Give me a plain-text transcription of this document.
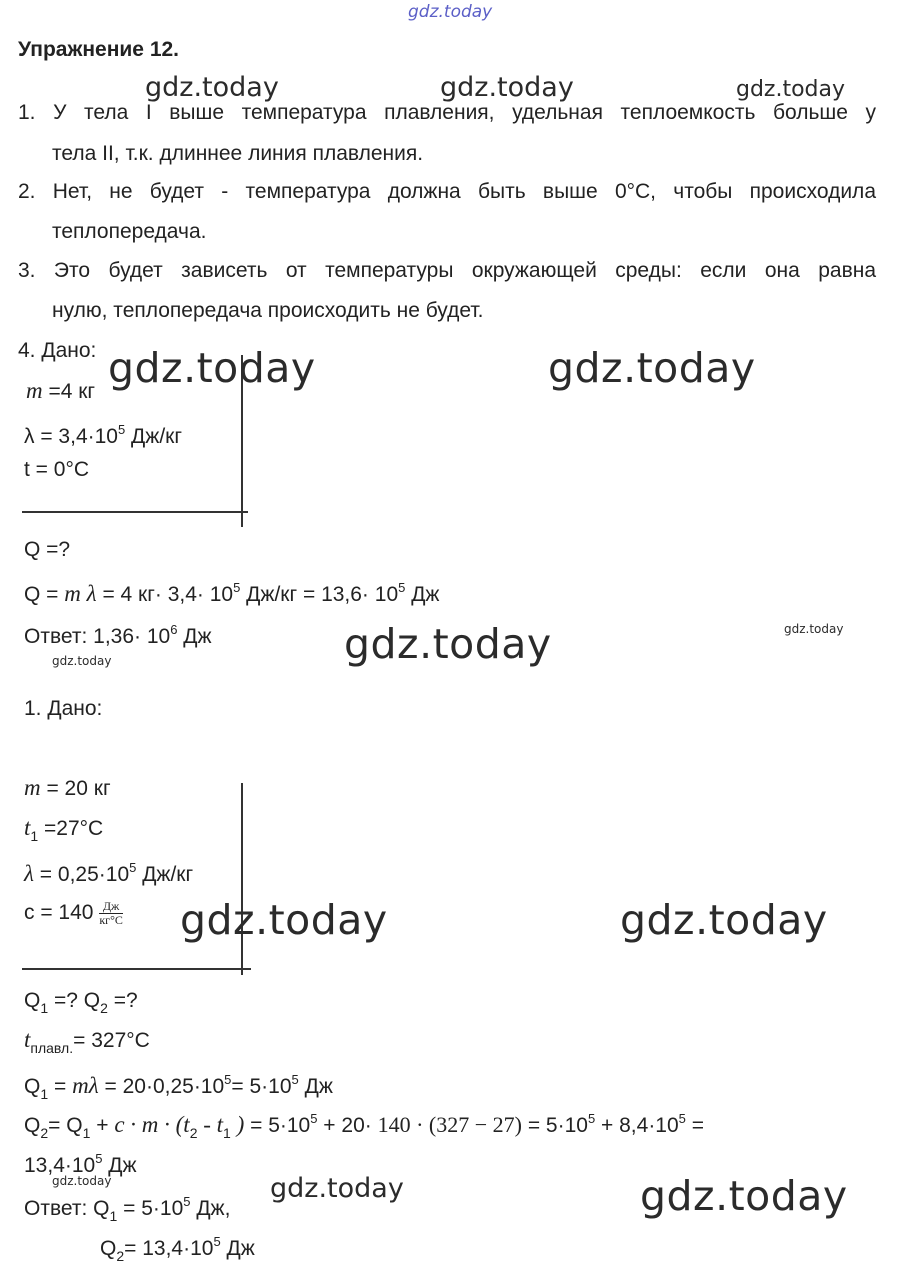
gdz.today
Упражнение 12.
gdz.today	gdz.today	gdz.today
1. У тела I выше температура плавления, удельная теплоемкость больше у
тела II, т.к. длиннее линия плавления.
2. Нет, не будет - температура должна быть выше 0°С, чтобы происходила
теплопередача.
3. Это будет зависеть от температуры окружающей среды: если она равна
нулю, теплопередача происходить не будет.
4. Дано:
m =4 кг
$\lambda = 3,4\cdot 10^5$ Дж/кг
t = 0°С
gdz.today	gdz.today
Q =?
Q = m λ = 4 $кг\cdot 3,4\cdot 10^5$ $Дж/кг = 13,6\cdot 10^5$ Дж
Ответ: $1,36\cdot 10^6$ Дж	gdz.today	gdz.today
gdz.today
1. Дано:
m = 20 кг
$t_1 =27^\circ С$
$\lambda = 0,25\cdot 10^5$ Дж/кг
$c = 140 \frac{Дж}{кг^\circ С}$ gdz.today	gdz.today
$Q_1$ =? $Q_2$ =?
$t_{плавл.}= 327^\circ С$
$Q_1 = m\lambda = 20\cdot 0,25\cdot 10^5= 5\cdot 10^5$ Дж
$Q_2= Q_1 + c \cdot m \cdot (t_2 - t_1$ ) = $5\cdot 10^5 + 20\cdot 140 \cdot (327 - 27) = 5\cdot 10^5 + 8,4\cdot 10^5$ =
$13,4\cdot 10^5$ Дж
gdz.today
Ответ: $Q_1 = 5\cdot 10^5$ Дж,
gdz.today	gdz.today
$Q_2= 13,4\cdot 10^5$ Дж
